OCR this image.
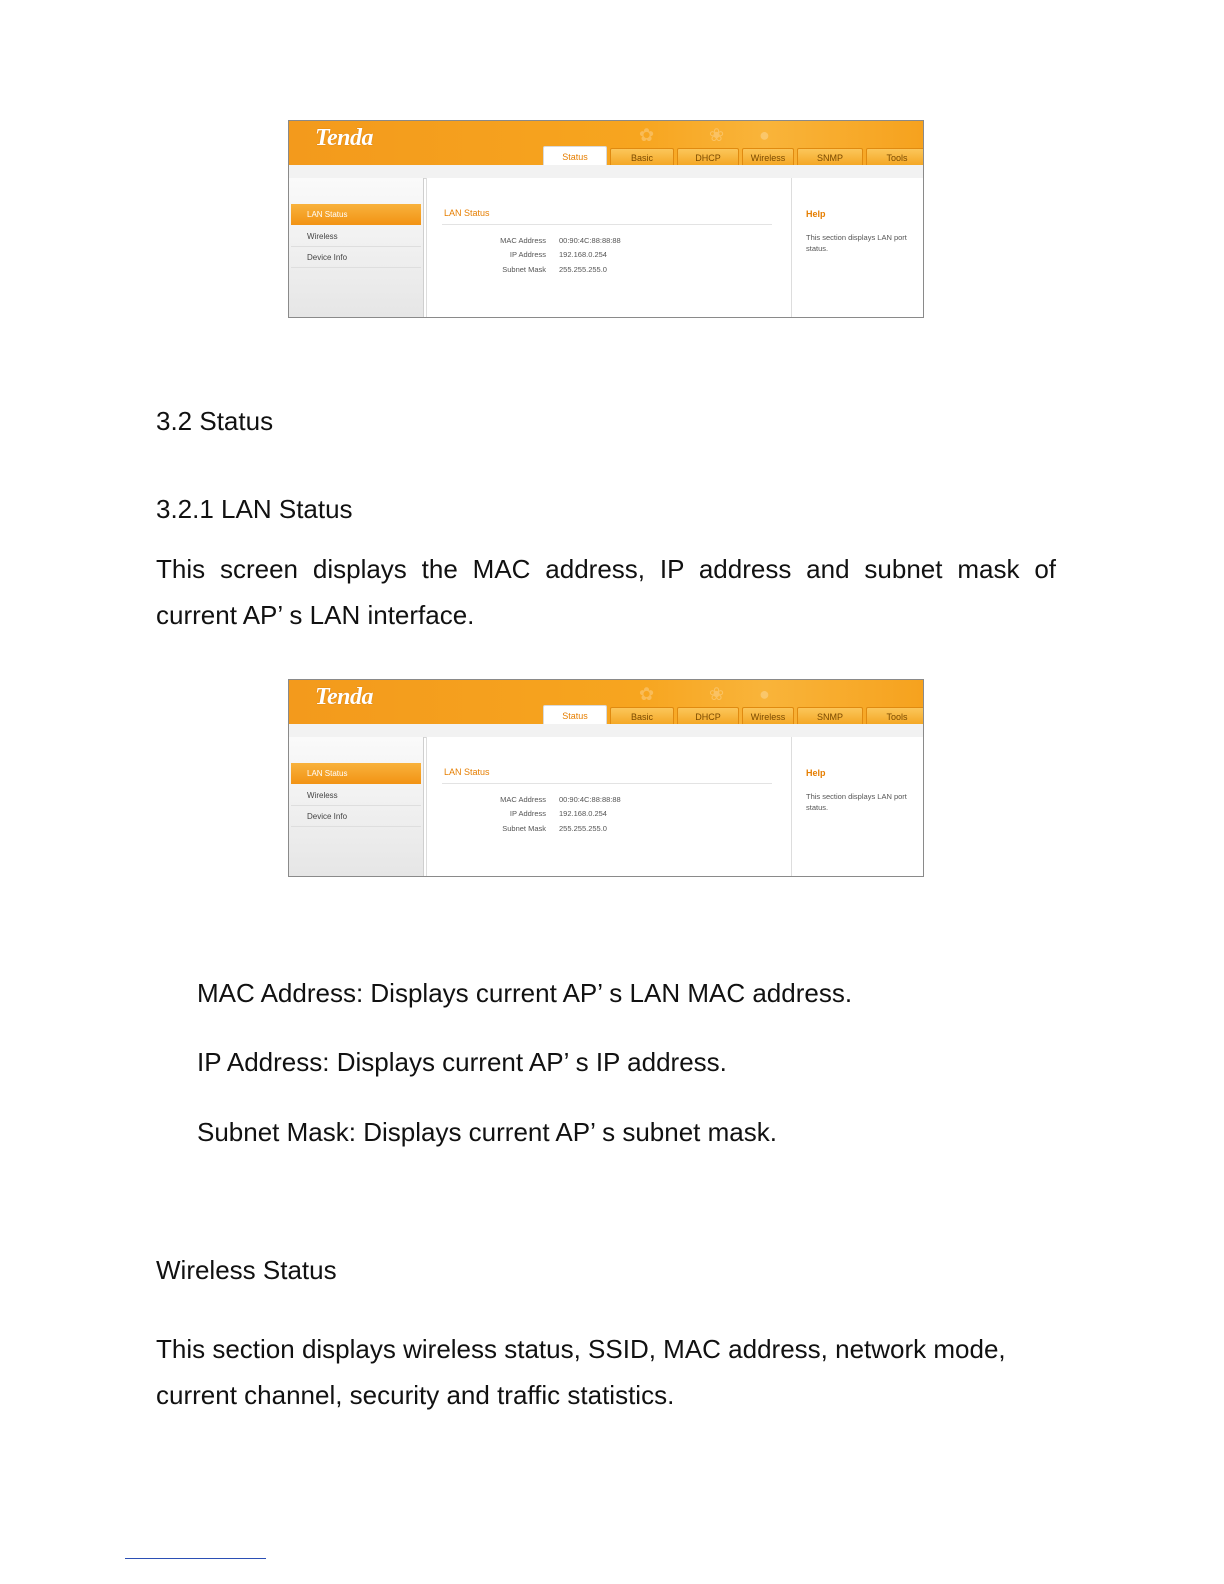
Tenda	✿	❀ ●
Status	Basic	DHCP	Wireless	SNMP	Tools
LAN Status
Wireless
Device Info
LAN Status
MAC Address 00:90:4C:88:88:88
IP Address 192.168.0.254
Subnet Mask 255.255.255.0
Help
This section displays LAN port status.
3.2 Status
3.2.1 LAN Status
This screen displays the MAC address, IP address and subnet mask of current AP’ s LAN interface.
Tenda	✿	❀ ●
Status	Basic	DHCP	Wireless	SNMP	Tools
LAN Status
Wireless
Device Info
LAN Status
MAC Address 00:90:4C:88:88:88
IP Address 192.168.0.254
Subnet Mask 255.255.255.0
Help
This section displays LAN port status.
MAC Address: Displays current AP’ s LAN MAC address.
IP Address: Displays current AP’ s IP address.
Subnet Mask: Displays current AP’ s subnet mask.
Wireless Status
This section displays wireless status, SSID, MAC address, network mode, current channel, security and traffic statistics.
